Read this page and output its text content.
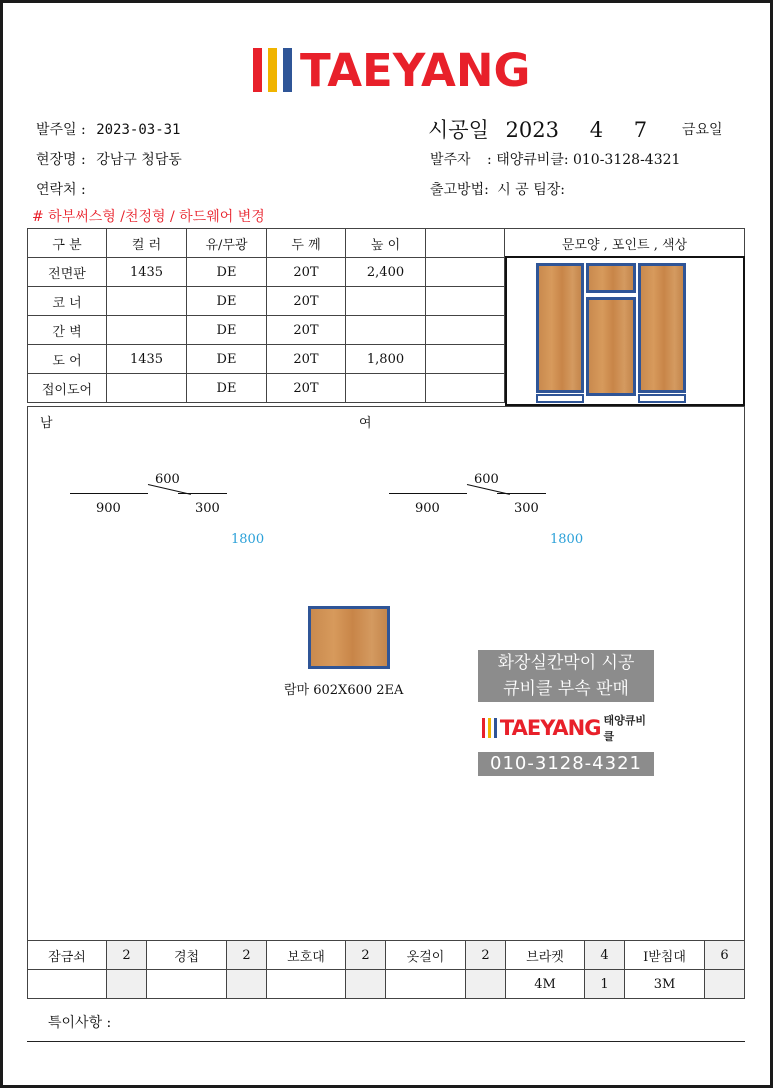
TAEYANG
발주일 : 2023-03-31
현장명 : 강남구 청담동
연락처 :
시공일 2023 4 7 금요일
발주자 : 태양큐비클: 010-3128-4321
출고방법: 시 공 팀장:
# 하부써스형 /천정형 / 하드웨어 변경
구 분	컬 러	유/무광	두 께	높 이		문모양 , 포인트 , 색상
전면판	1435	DE	20T	2,400		
코 너		DE	20T			
간 벽		DE	20T			
도 어	1435	DE	20T	1,800		
접이도어		DE	20T			
남	여
600
900	300
1800
600
900	300
1800
람마 602X600 2EA
화장실칸막이 시공
큐비클 부속 판매
TAEYANG 태양큐비클
010-3128-4321
잠금쇠	2	경첩	2	보호대	2	옷걸이	2	브라켓	4	I받침대	6
								4M	1	3M	
특이사항 :
